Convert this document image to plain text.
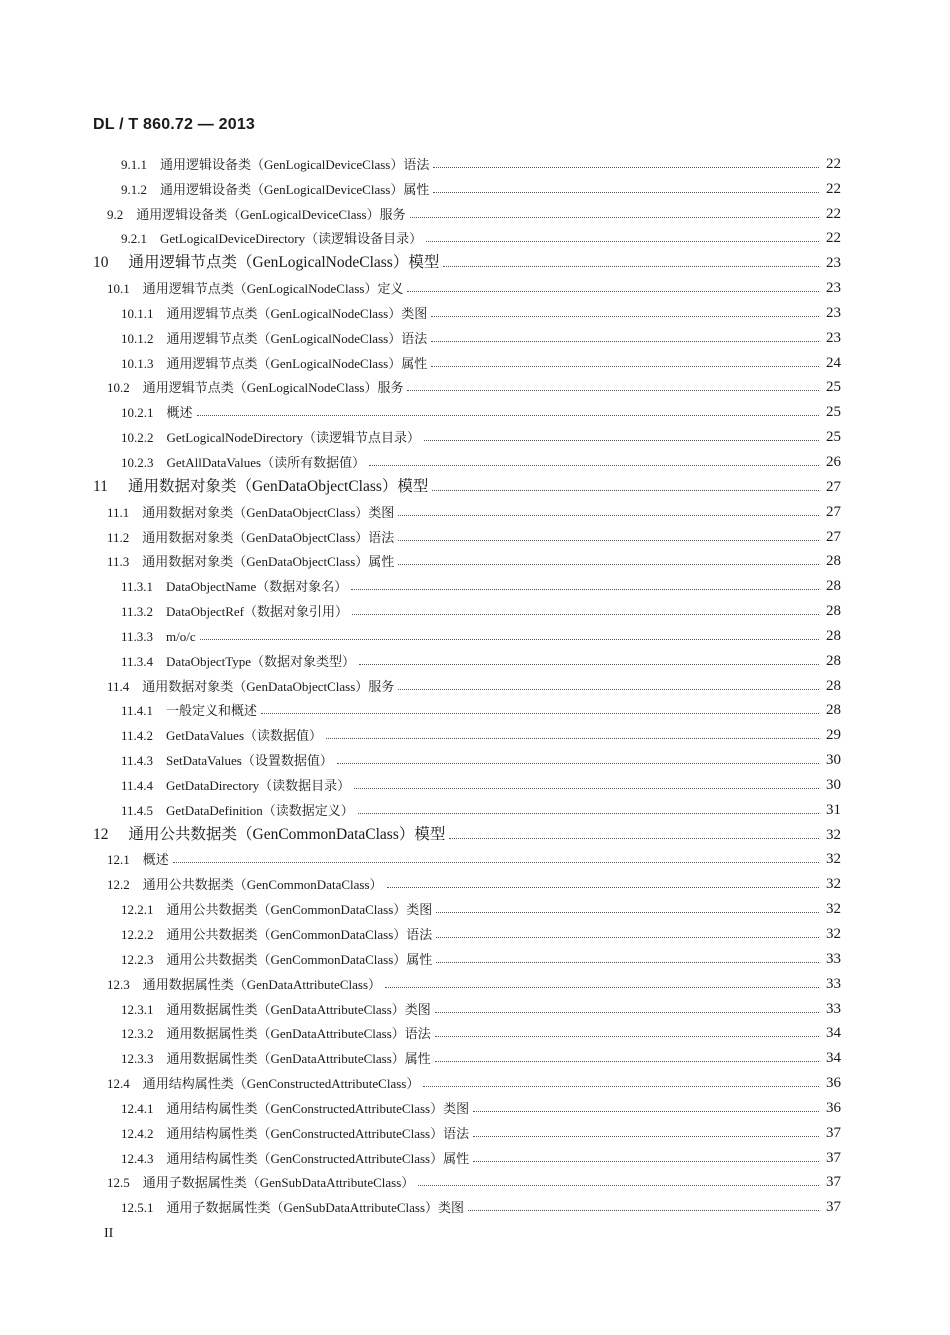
DL / T 860.72 — 2013
9.1.1 通用逻辑设备类（GenLogicalDeviceClass）语法	22
9.1.2 通用逻辑设备类（GenLogicalDeviceClass）属性	22
9.2 通用逻辑设备类（GenLogicalDeviceClass）服务	22
9.2.1 GetLogicalDeviceDirectory（读逻辑设备目录）	22
10 通用逻辑节点类（GenLogicalNodeClass）模型	23
10.1 通用逻辑节点类（GenLogicalNodeClass）定义	23
10.1.1 通用逻辑节点类（GenLogicalNodeClass）类图	23
10.1.2 通用逻辑节点类（GenLogicalNodeClass）语法	23
10.1.3 通用逻辑节点类（GenLogicalNodeClass）属性	24
10.2 通用逻辑节点类（GenLogicalNodeClass）服务	25
10.2.1 概述	25
10.2.2 GetLogicalNodeDirectory（读逻辑节点目录）	25
10.2.3 GetAllDataValues（读所有数据值）	26
11 通用数据对象类（GenDataObjectClass）模型	27
11.1 通用数据对象类（GenDataObjectClass）类图	27
11.2 通用数据对象类（GenDataObjectClass）语法	27
11.3 通用数据对象类（GenDataObjectClass）属性	28
11.3.1 DataObjectName（数据对象名）	28
11.3.2 DataObjectRef（数据对象引用）	28
11.3.3 m/o/c	28
11.3.4 DataObjectType（数据对象类型）	28
11.4 通用数据对象类（GenDataObjectClass）服务	28
11.4.1 一般定义和概述	28
11.4.2 GetDataValues（读数据值）	29
11.4.3 SetDataValues（设置数据值）	30
11.4.4 GetDataDirectory（读数据目录）	30
11.4.5 GetDataDefinition（读数据定义）	31
12 通用公共数据类（GenCommonDataClass）模型	32
12.1 概述	32
12.2 通用公共数据类（GenCommonDataClass）	32
12.2.1 通用公共数据类（GenCommonDataClass）类图	32
12.2.2 通用公共数据类（GenCommonDataClass）语法	32
12.2.3 通用公共数据类（GenCommonDataClass）属性	33
12.3 通用数据属性类（GenDataAttributeClass）	33
12.3.1 通用数据属性类（GenDataAttributeClass）类图	33
12.3.2 通用数据属性类（GenDataAttributeClass）语法	34
12.3.3 通用数据属性类（GenDataAttributeClass）属性	34
12.4 通用结构属性类（GenConstructedAttributeClass）	36
12.4.1 通用结构属性类（GenConstructedAttributeClass）类图	36
12.4.2 通用结构属性类（GenConstructedAttributeClass）语法	37
12.4.3 通用结构属性类（GenConstructedAttributeClass）属性	37
12.5 通用子数据属性类（GenSubDataAttributeClass）	37
12.5.1 通用子数据属性类（GenSubDataAttributeClass）类图	37
II
